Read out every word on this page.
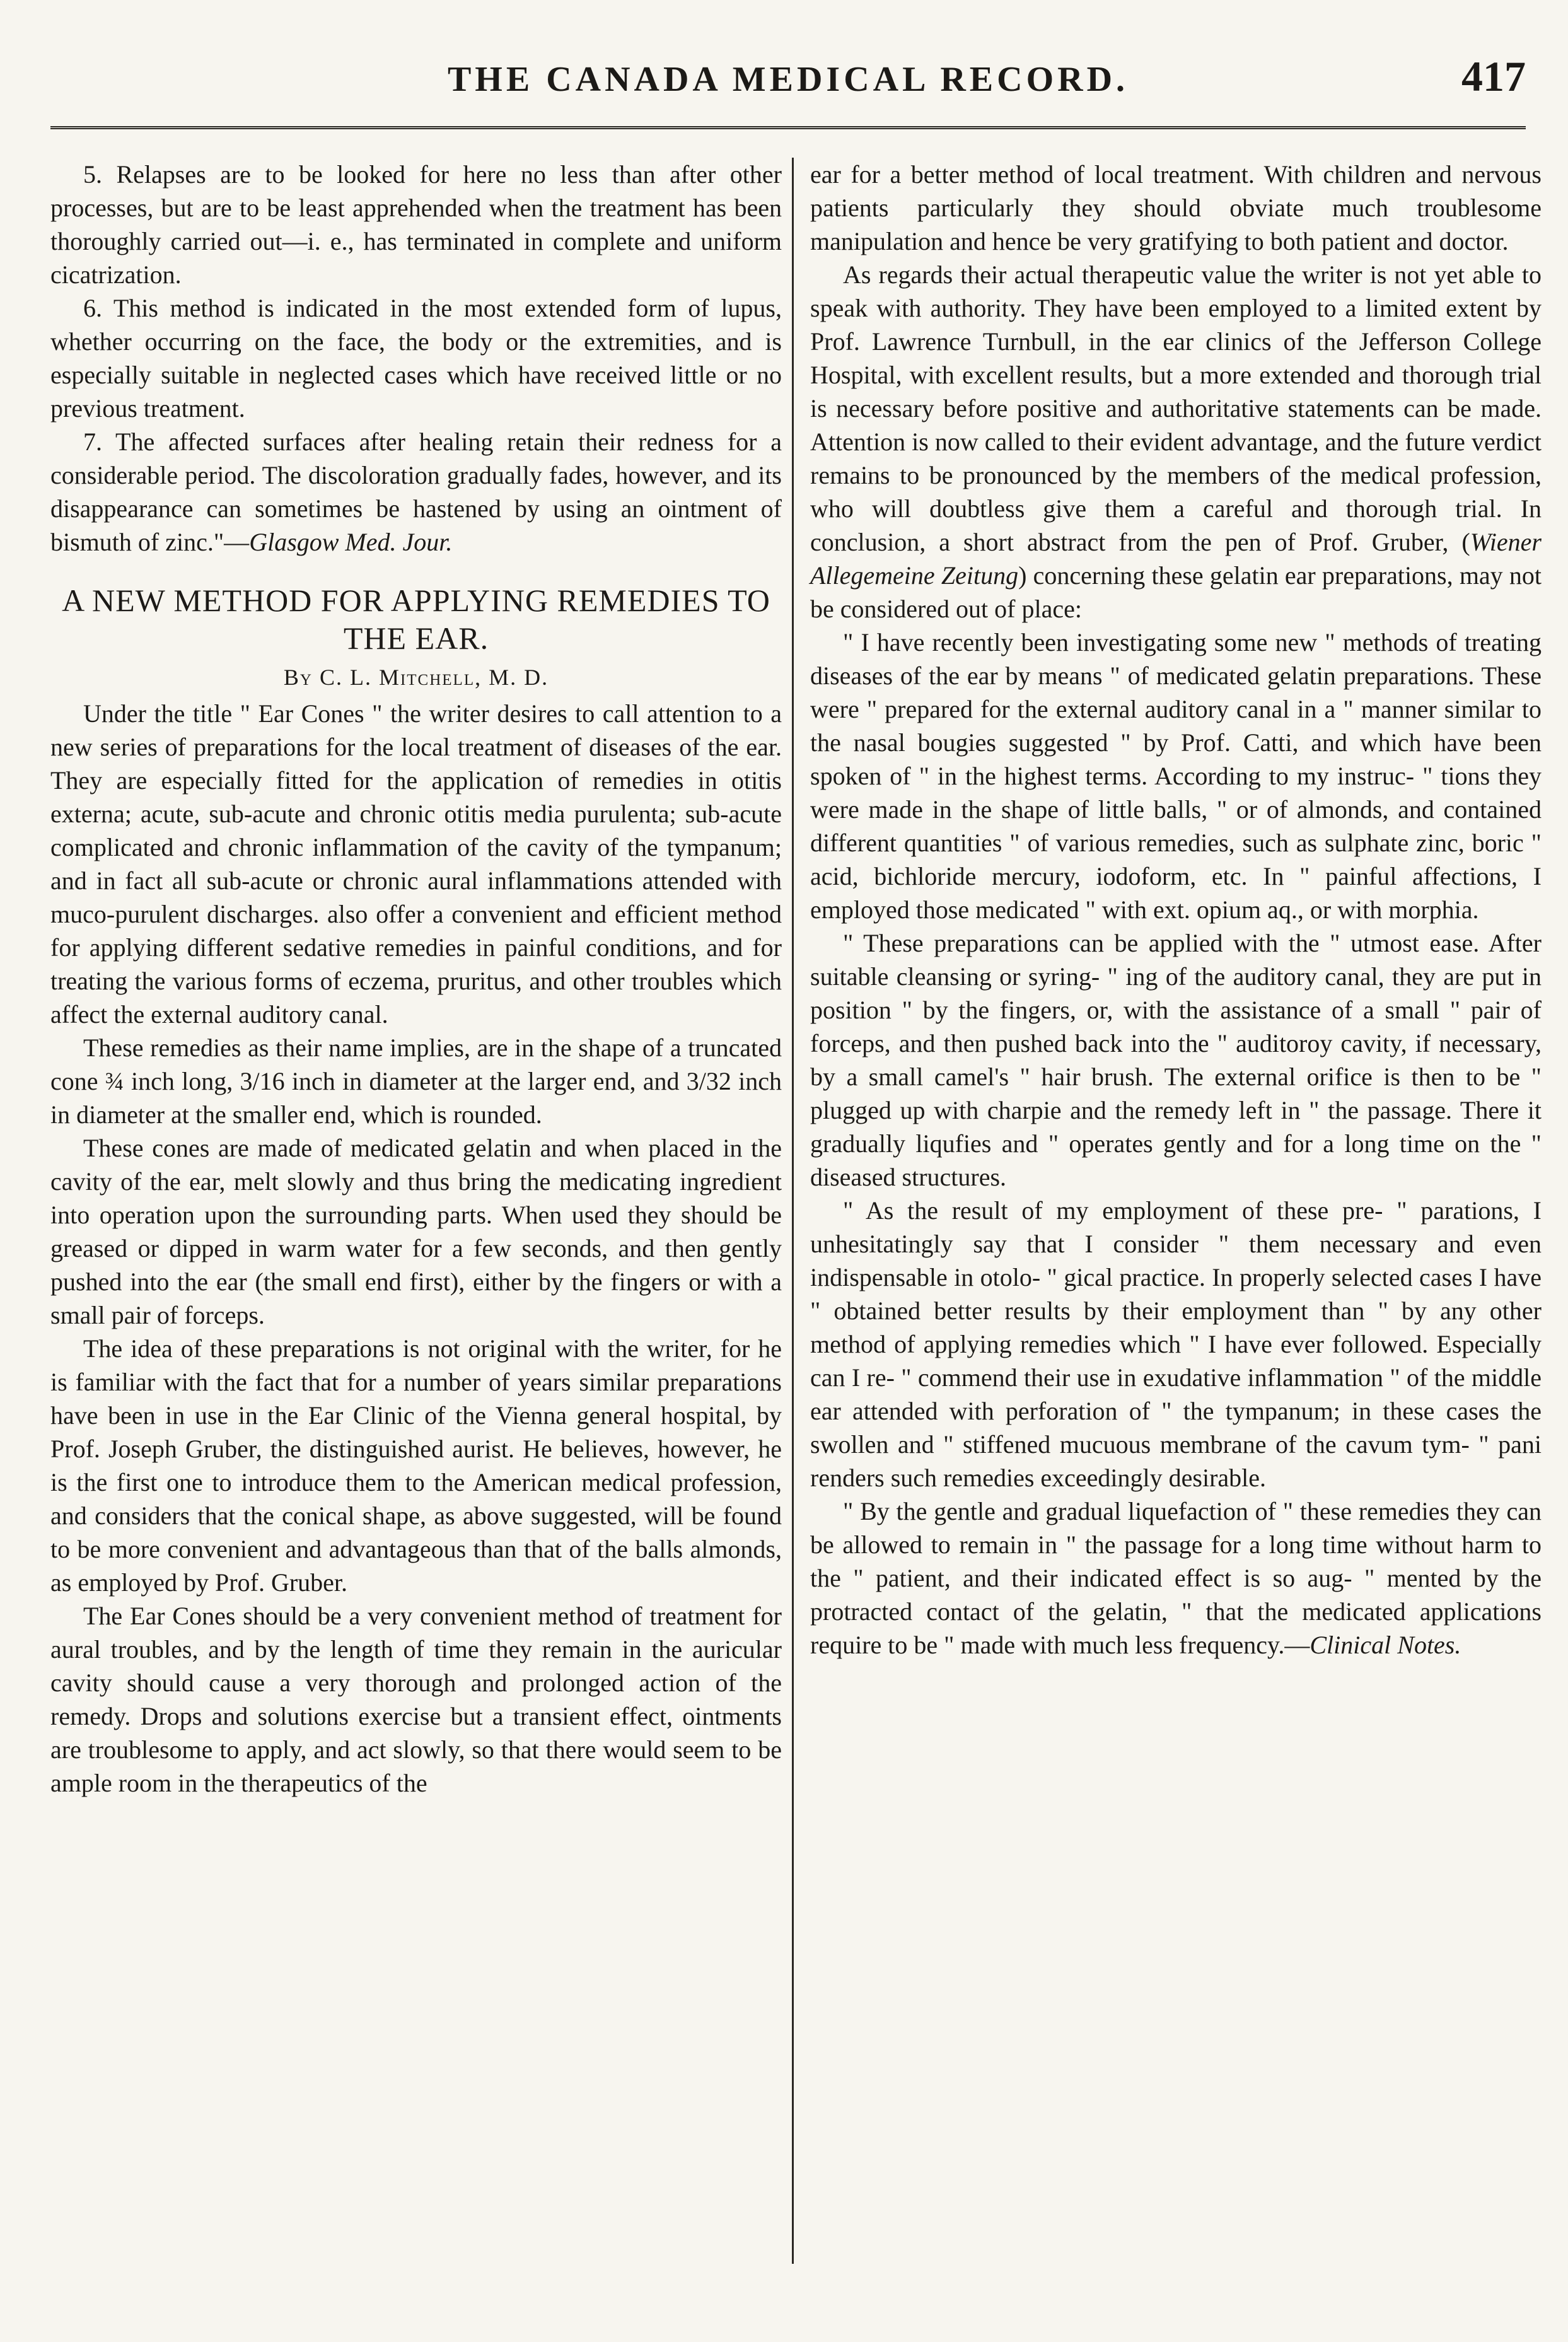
THE CANADA MEDICAL RECORD.	417

5. Relapses are to be looked for here no less than after other processes, but are to be least apprehended when the treatment has been thoroughly carried out—i. e., has terminated in complete and uniform cicatrization.

6. This method is indicated in the most extended form of lupus, whether occurring on the face, the body or the extremities, and is especially suitable in neglected cases which have received little or no previous treatment.

7. The affected surfaces after healing retain their redness for a considerable period. The discoloration gradually fades, however, and its disappearance can sometimes be hastened by using an ointment of bismuth of zinc."—Glasgow Med. Jour.

A NEW METHOD FOR APPLYING REMEDIES TO THE EAR.
By C. L. Mitchell, M. D.

Under the title " Ear Cones " the writer desires to call attention to a new series of preparations for the local treatment of diseases of the ear. They are especially fitted for the application of remedies in otitis externa; acute, sub-acute and chronic otitis media purulenta; sub-acute complicated and chronic inflammation of the cavity of the tympanum; and in fact all sub-acute or chronic aural inflammations attended with muco-purulent discharges. also offer a convenient and efficient method for applying different sedative remedies in painful conditions, and for treating the various forms of eczema, pruritus, and other troubles which affect the external auditory canal.

These remedies as their name implies, are in the shape of a truncated cone ¾ inch long, 3/16 inch in diameter at the larger end, and 3/32 inch in diameter at the smaller end, which is rounded.

These cones are made of medicated gelatin and when placed in the cavity of the ear, melt slowly and thus bring the medicating ingredient into operation upon the surrounding parts. When used they should be greased or dipped in warm water for a few seconds, and then gently pushed into the ear (the small end first), either by the fingers or with a small pair of forceps.

The idea of these preparations is not original with the writer, for he is familiar with the fact that for a number of years similar preparations have been in use in the Ear Clinic of the Vienna general hospital, by Prof. Joseph Gruber, the distinguished aurist. He believes, however, he is the first one to introduce them to the American medical profession, and considers that the conical shape, as above suggested, will be found to be more convenient and advantageous than that of the balls almonds, as employed by Prof. Gruber.

The Ear Cones should be a very convenient method of treatment for aural troubles, and by the length of time they remain in the auricular cavity should cause a very thorough and prolonged action of the remedy. Drops and solutions exercise but a transient effect, ointments are troublesome to apply, and act slowly, so that there would seem to be ample room in the therapeutics of the

ear for a better method of local treatment. With children and nervous patients particularly they should obviate much troublesome manipulation and hence be very gratifying to both patient and doctor.

As regards their actual therapeutic value the writer is not yet able to speak with authority. They have been employed to a limited extent by Prof. Lawrence Turnbull, in the ear clinics of the Jefferson College Hospital, with excellent results, but a more extended and thorough trial is necessary before positive and authoritative statements can be made. Attention is now called to their evident advantage, and the future verdict remains to be pronounced by the members of the medical profession, who will doubtless give them a careful and thorough trial. In conclusion, a short abstract from the pen of Prof. Gruber, (Wiener Allegemeine Zeitung) concerning these gelatin ear preparations, may not be considered out of place:

" I have recently been investigating some new " methods of treating diseases of the ear by means " of medicated gelatin preparations. These were " prepared for the external auditory canal in a " manner similar to the nasal bougies suggested " by Prof. Catti, and which have been spoken of " in the highest terms. According to my instruc- " tions they were made in the shape of little balls, " or of almonds, and contained different quantities " of various remedies, such as sulphate zinc, boric " acid, bichloride mercury, iodoform, etc. In " painful affections, I employed those medicated " with ext. opium aq., or with morphia.

" These preparations can be applied with the " utmost ease. After suitable cleansing or syring- " ing of the auditory canal, they are put in position " by the fingers, or, with the assistance of a small " pair of forceps, and then pushed back into the " auditoroy cavity, if necessary, by a small camel's " hair brush. The external orifice is then to be " plugged up with charpie and the remedy left in " the passage. There it gradually liqufies and " operates gently and for a long time on the " diseased structures.

" As the result of my employment of these pre- " parations, I unhesitatingly say that I consider " them necessary and even indispensable in otolo- " gical practice. In properly selected cases I have " obtained better results by their employment than " by any other method of applying remedies which " I have ever followed. Especially can I re- " commend their use in exudative inflammation " of the middle ear attended with perforation of " the tympanum; in these cases the swollen and " stiffened mucuous membrane of the cavum tym- " pani renders such remedies exceedingly desirable.

" By the gentle and gradual liquefaction of " these remedies they can be allowed to remain in " the passage for a long time without harm to the " patient, and their indicated effect is so aug- " mented by the protracted contact of the gelatin, " that the medicated applications require to be " made with much less frequency.—Clinical Notes.
